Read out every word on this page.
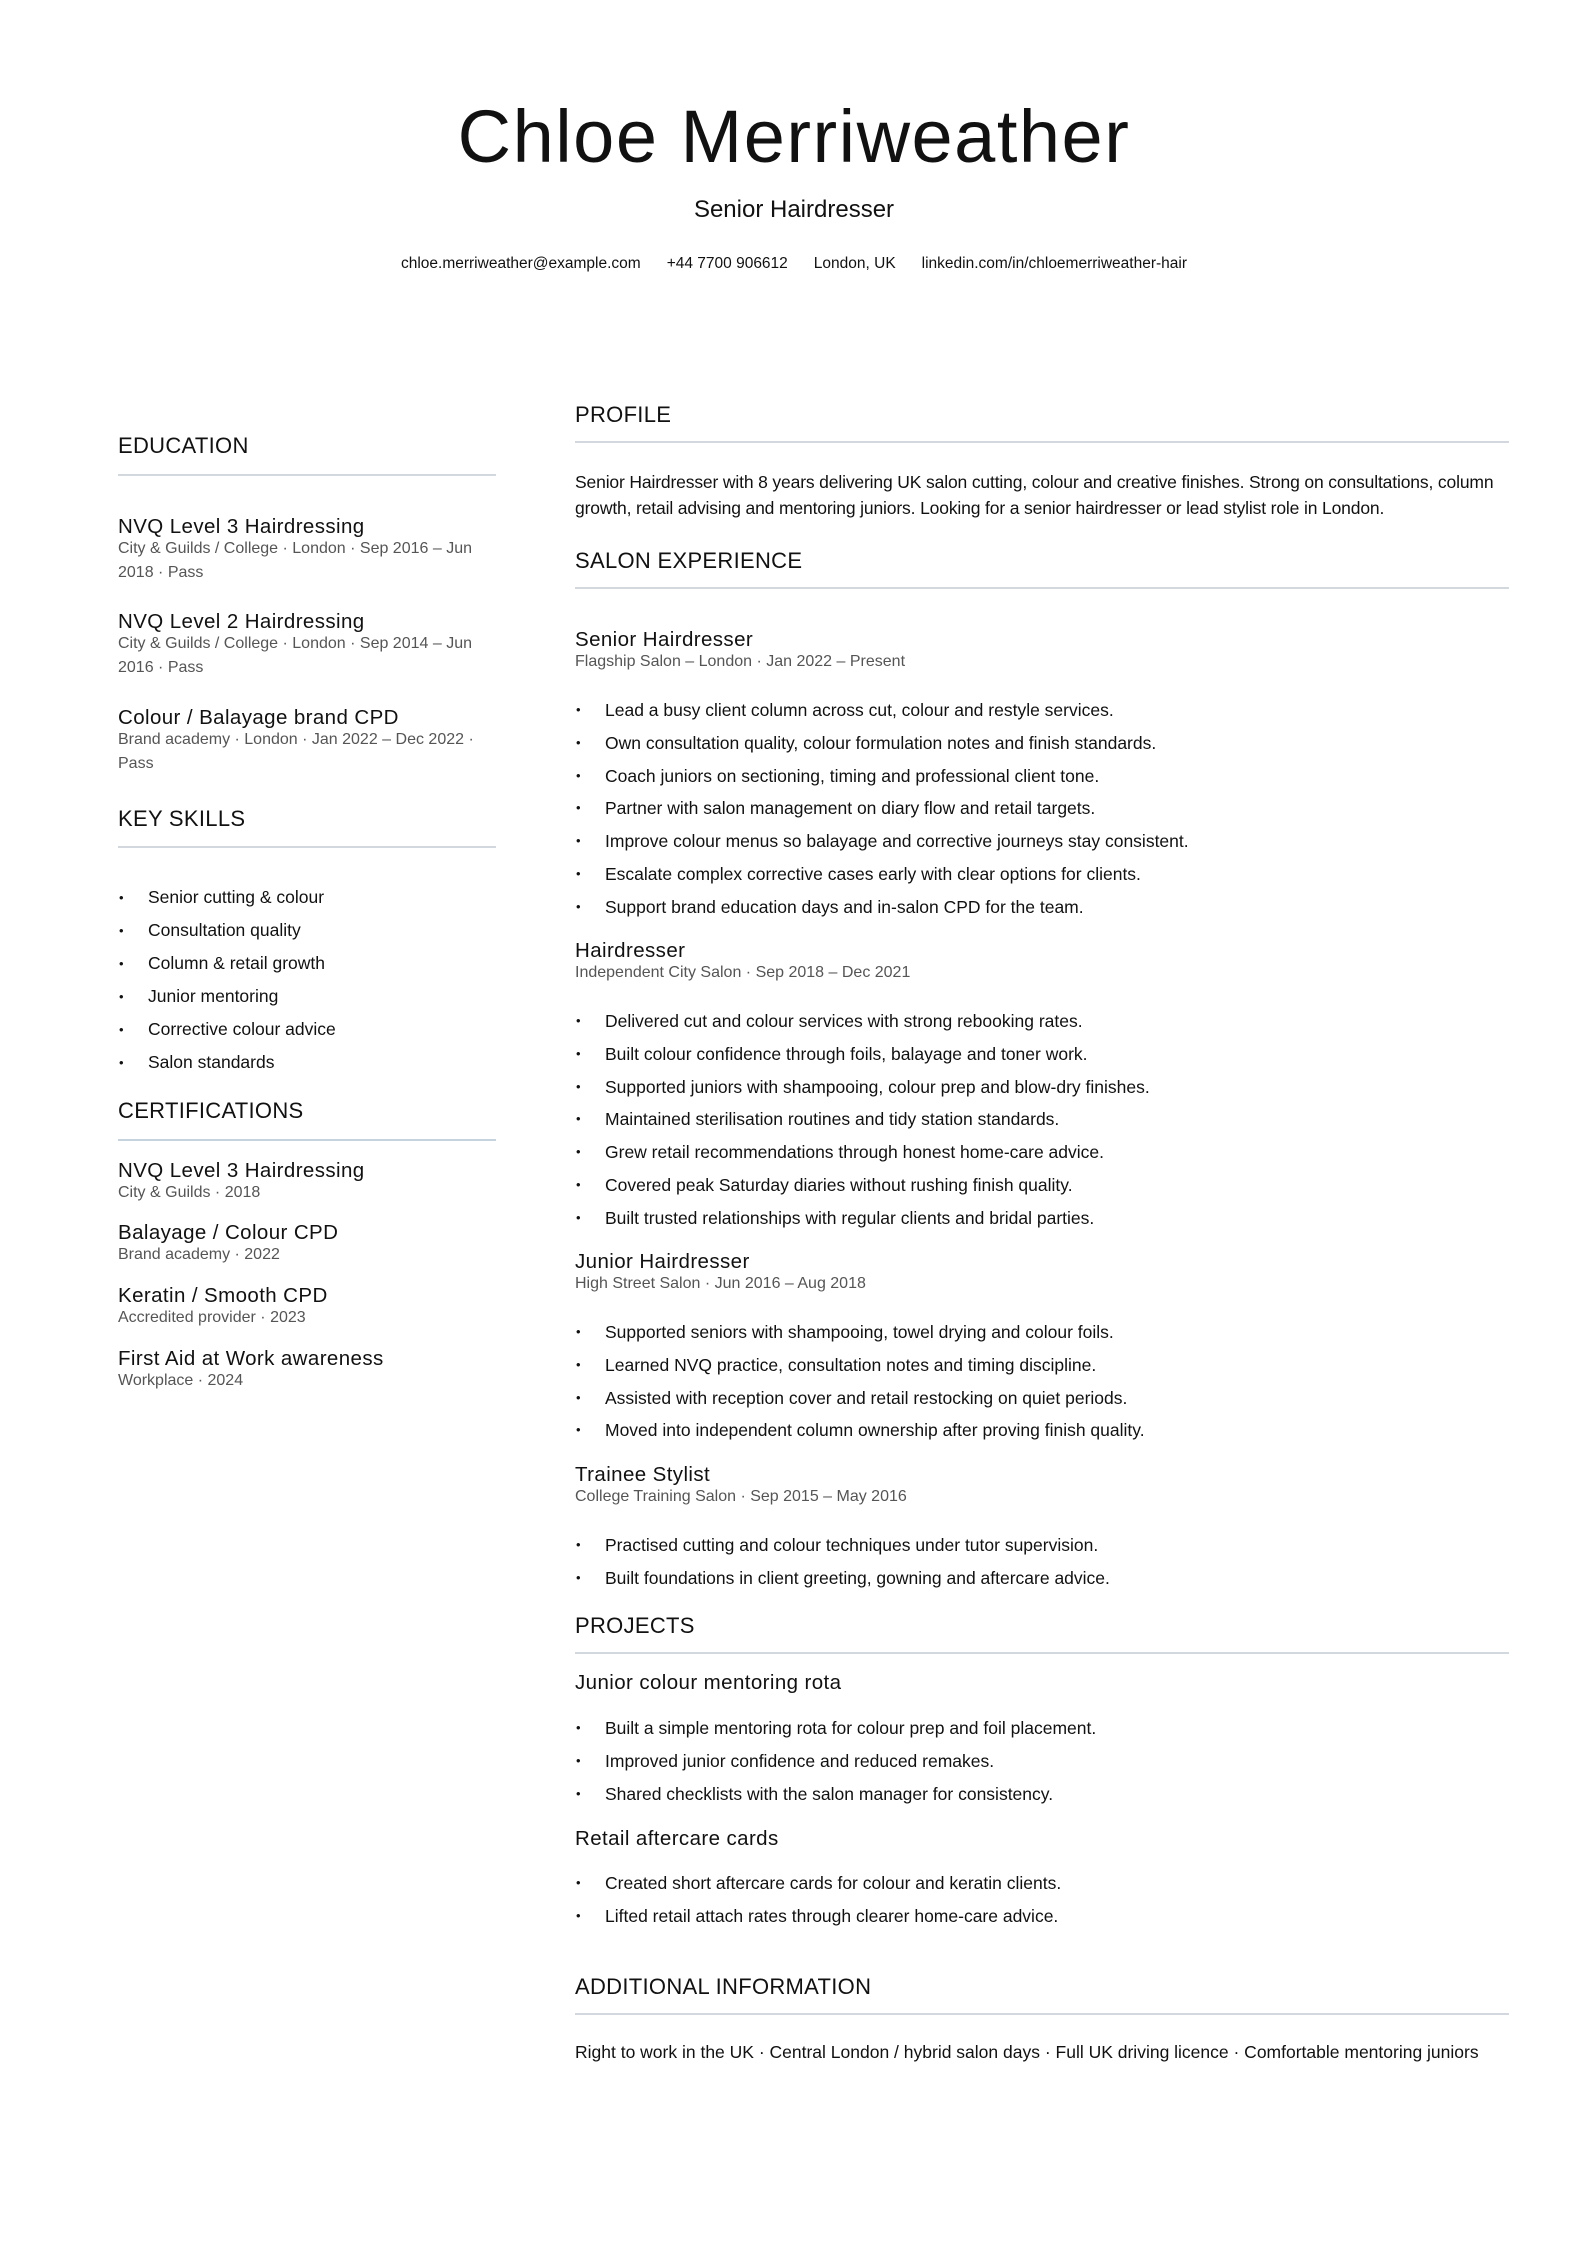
Chloe Merriweather
Senior Hairdresser
chloe.merriweather@example.com +44 7700 906612 London, UK linkedin.com/in/chloemerriweather-hair
EDUCATION
NVQ Level 3 Hairdressing
City & Guilds / College · London · Sep 2016 – Jun 2018 · Pass
NVQ Level 2 Hairdressing
City & Guilds / College · London · Sep 2014 – Jun 2016 · Pass
Colour / Balayage brand CPD
Brand academy · London · Jan 2022 – Dec 2022 · Pass
KEY SKILLS
• Senior cutting & colour
• Consultation quality
• Column & retail growth
• Junior mentoring
• Corrective colour advice
• Salon standards
CERTIFICATIONS
NVQ Level 3 Hairdressing
City & Guilds · 2018
Balayage / Colour CPD
Brand academy · 2022
Keratin / Smooth CPD
Accredited provider · 2023
First Aid at Work awareness
Workplace · 2024
PROFILE
Senior Hairdresser with 8 years delivering UK salon cutting, colour and creative finishes. Strong on consultations, column growth, retail advising and mentoring juniors. Looking for a senior hairdresser or lead stylist role in London.
SALON EXPERIENCE
Senior Hairdresser
Flagship Salon – London · Jan 2022 – Present
• Lead a busy client column across cut, colour and restyle services.
• Own consultation quality, colour formulation notes and finish standards.
• Coach juniors on sectioning, timing and professional client tone.
• Partner with salon management on diary flow and retail targets.
• Improve colour menus so balayage and corrective journeys stay consistent.
• Escalate complex corrective cases early with clear options for clients.
• Support brand education days and in-salon CPD for the team.
Hairdresser
Independent City Salon · Sep 2018 – Dec 2021
• Delivered cut and colour services with strong rebooking rates.
• Built colour confidence through foils, balayage and toner work.
• Supported juniors with shampooing, colour prep and blow-dry finishes.
• Maintained sterilisation routines and tidy station standards.
• Grew retail recommendations through honest home-care advice.
• Covered peak Saturday diaries without rushing finish quality.
• Built trusted relationships with regular clients and bridal parties.
Junior Hairdresser
High Street Salon · Jun 2016 – Aug 2018
• Supported seniors with shampooing, towel drying and colour foils.
• Learned NVQ practice, consultation notes and timing discipline.
• Assisted with reception cover and retail restocking on quiet periods.
• Moved into independent column ownership after proving finish quality.
Trainee Stylist
College Training Salon · Sep 2015 – May 2016
• Practised cutting and colour techniques under tutor supervision.
• Built foundations in client greeting, gowning and aftercare advice.
PROJECTS
Junior colour mentoring rota
• Built a simple mentoring rota for colour prep and foil placement.
• Improved junior confidence and reduced remakes.
• Shared checklists with the salon manager for consistency.
Retail aftercare cards
• Created short aftercare cards for colour and keratin clients.
• Lifted retail attach rates through clearer home-care advice.
ADDITIONAL INFORMATION
Right to work in the UK · Central London / hybrid salon days · Full UK driving licence · Comfortable mentoring juniors
